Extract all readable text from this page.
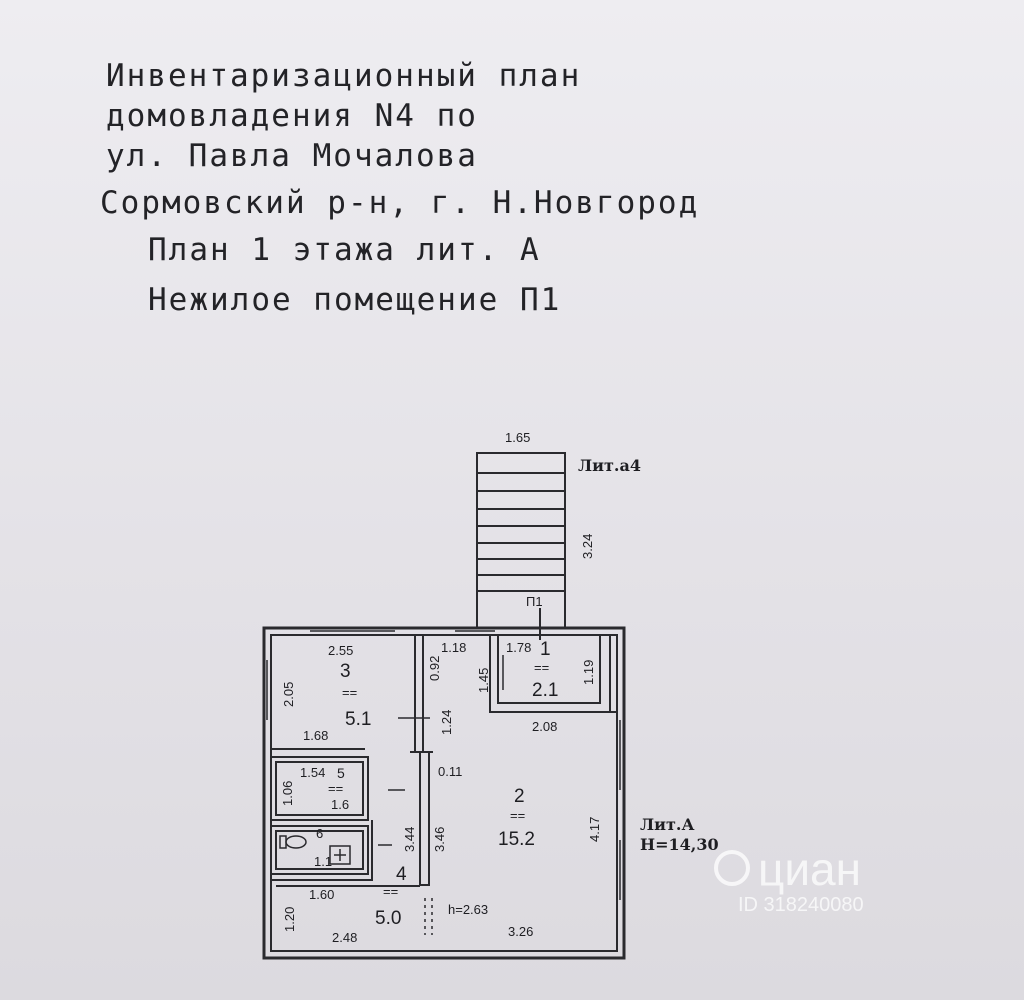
Инвентаризационный план
домовладения N4 по
ул. Павла Мочалова
Сормовский р-н, г. Н.Новгород
План 1 этажа лит. А
Нежилое помещение П1
1.65
Лит.а4
3.24
П1
2.55
2.05
3
==
5.1
1.68
0.92
1.18
1.45
1.78 1
==
2.1
1.19
2.08
1.24
0.11
1.54 5
1.06	==
1.6
6
1.1
2
==
15.2	4.17
3.44 3.46
4
1.60	==
5.0
1.20	h=2.63
2.48	3.26
Лит.А
H=14,30 циан
ID 318240080
